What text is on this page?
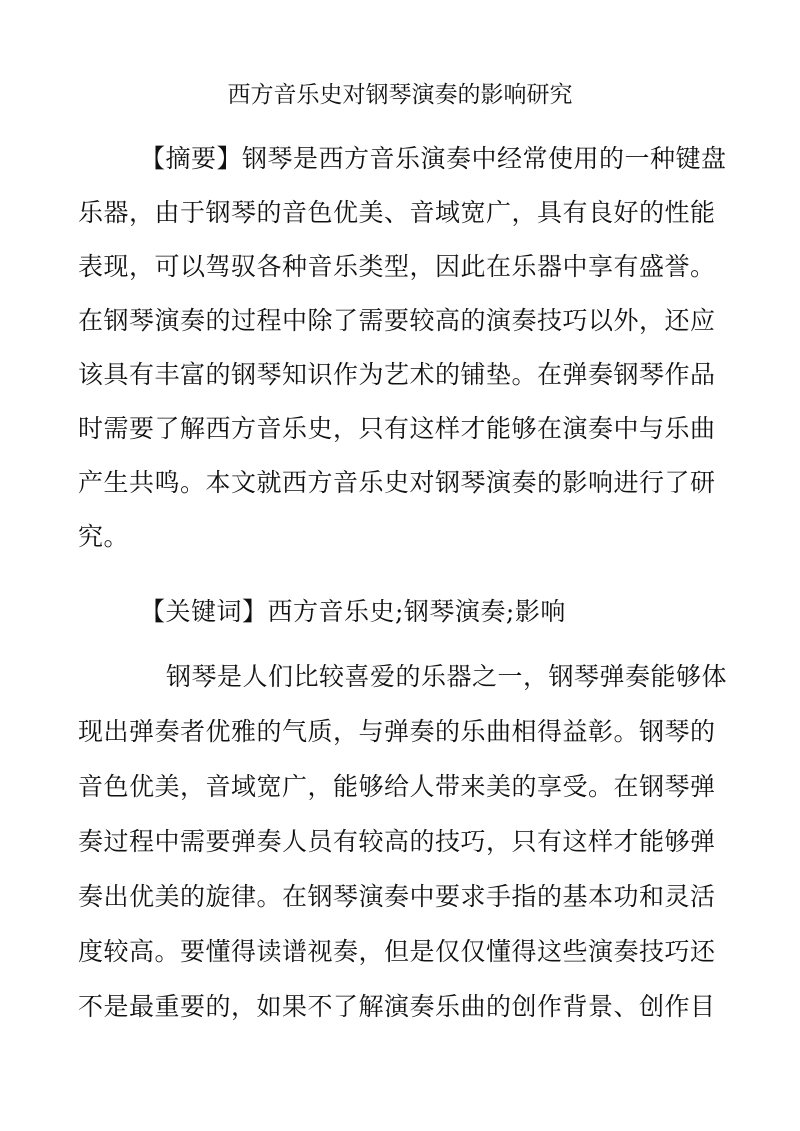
西方音乐史对钢琴演奏的影响研究
【摘要】钢琴是西方音乐演奏中经常使用的一种键盘
乐器，由于钢琴的音色优美、音域宽广，具有良好的性能
表现，可以驾驭各种音乐类型，因此在乐器中享有盛誉。
在钢琴演奏的过程中除了需要较高的演奏技巧以外，还应
该具有丰富的钢琴知识作为艺术的铺垫。在弹奏钢琴作品
时需要了解西方音乐史，只有这样才能够在演奏中与乐曲
产生共鸣。本文就西方音乐史对钢琴演奏的影响进行了研
究。
【关键词】西方音乐史;钢琴演奏;影响
钢琴是人们比较喜爱的乐器之一，钢琴弹奏能够体
现出弹奏者优雅的气质，与弹奏的乐曲相得益彰。钢琴的
音色优美，音域宽广，能够给人带来美的享受。在钢琴弹
奏过程中需要弹奏人员有较高的技巧，只有这样才能够弹
奏出优美的旋律。在钢琴演奏中要求手指的基本功和灵活
度较高。要懂得读谱视奏，但是仅仅懂得这些演奏技巧还
不是最重要的，如果不了解演奏乐曲的创作背景、创作目
